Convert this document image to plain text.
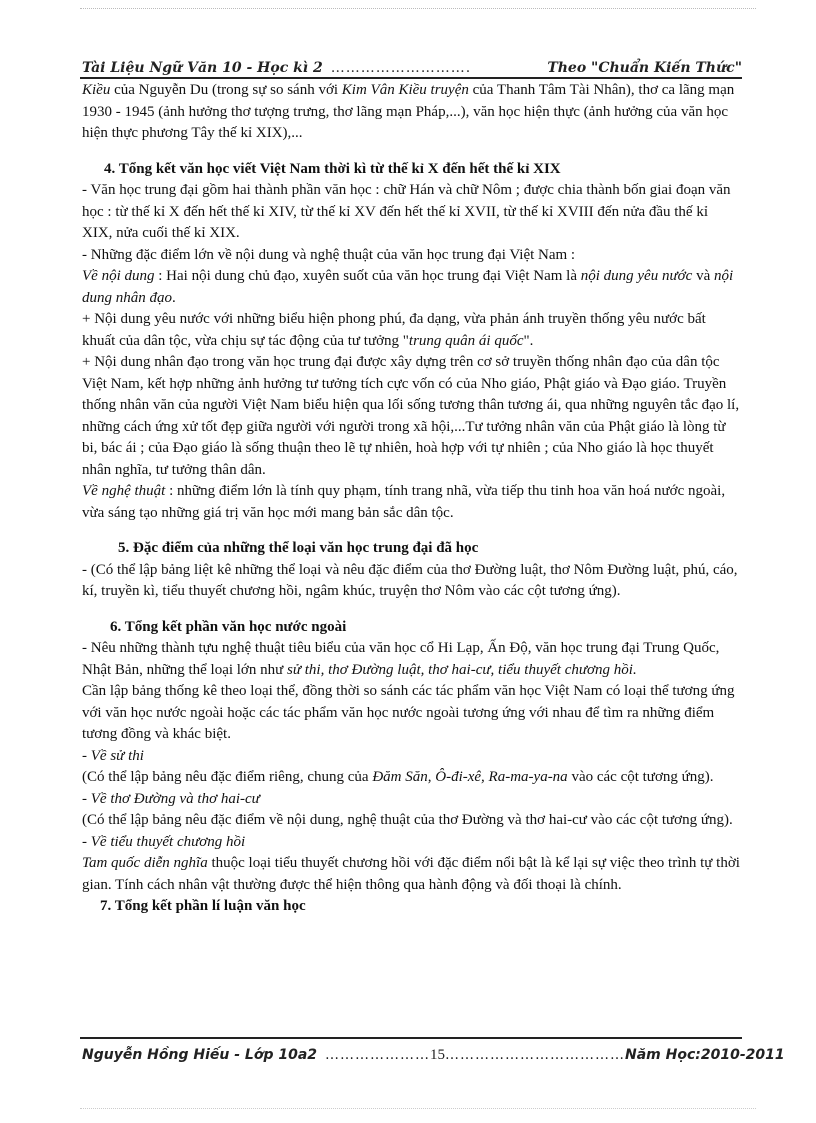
Tài Liệu Ngữ Văn 10 - Học kì 2 ……………………….	Theo "Chuẩn Kiến Thức"

Kiều của Nguyễn Du (trong sự so sánh với Kim Vân Kiều truyện của Thanh Tâm Tài Nhân), thơ ca lãng mạn 1930 - 1945 (ảnh hưởng thơ tượng trưng, thơ lãng mạn Pháp,...), văn học hiện thực (ảnh hưởng của văn học hiện thực phương Tây thế kỉ XIX),...

4. Tổng kết văn học viết Việt Nam thời kì từ thế kỉ X đến hết thế kỉ XIX

- Văn học trung đại gồm hai thành phần văn học : chữ Hán và chữ Nôm ; được chia thành bốn giai đoạn văn học : từ thế kỉ X đến hết thế kỉ XIV, từ thế kỉ XV đến hết thế kỉ XVII, từ thế kỉ XVIII đến nửa đầu thế kỉ XIX, nửa cuối thế kỉ XIX.

- Những đặc điểm lớn về nội dung và nghệ thuật của văn học trung đại Việt Nam :

Về nội dung : Hai nội dung chủ đạo, xuyên suốt của văn học trung đại Việt Nam là nội dung yêu nước và nội dung nhân đạo.

+ Nội dung yêu nước với những biểu hiện phong phú, đa dạng, vừa phản ánh truyền thống yêu nước bất khuất của dân tộc, vừa chịu sự tác động của tư tưởng "trung quân ái quốc".

+ Nội dung nhân đạo trong văn học trung đại được xây dựng trên cơ sở truyền thống nhân đạo của dân tộc Việt Nam, kết hợp những ảnh hưởng tư tưởng tích cực vốn có của Nho giáo, Phật giáo và Đạo giáo. Truyền thống nhân văn của người Việt Nam biểu hiện qua lối sống tương thân tương ái, qua những nguyên tắc đạo lí, những cách ứng xử tốt đẹp giữa người với người trong xã hội,...Tư tưởng nhân văn của Phật giáo là lòng từ bi, bác ái ; của Đạo giáo là sống thuận theo lẽ tự nhiên, hoà hợp với tự nhiên ; của Nho giáo là học thuyết nhân nghĩa, tư tưởng thân dân.

Về nghệ thuật : những điểm lớn là tính quy phạm, tính trang nhã, vừa tiếp thu tinh hoa văn hoá nước ngoài, vừa sáng tạo những giá trị văn học mới mang bản sắc dân tộc.

5. Đặc điểm của những thể loại văn học trung đại đã học

- (Có thể lập bảng liệt kê những thể loại và nêu đặc điểm của thơ Đường luật, thơ Nôm Đường luật, phú, cáo, kí, truyền kì, tiểu thuyết chương hồi, ngâm khúc, truyện thơ Nôm vào các cột tương ứng).

6. Tổng kết phần văn học nước ngoài

- Nêu những thành tựu nghệ thuật tiêu biểu của văn học cổ Hi Lạp, Ấn Độ, văn học trung đại Trung Quốc, Nhật Bản, những thể loại lớn như sử thi, thơ Đường luật, thơ hai-cư, tiểu thuyết chương hồi.

Cần lập bảng thống kê theo loại thể, đồng thời so sánh các tác phẩm văn học Việt Nam có loại thể tương ứng với văn học nước ngoài hoặc các tác phẩm văn học nước ngoài tương ứng với nhau để tìm ra những điểm tương đồng và khác biệt.

- Về sử thi

(Có thể lập bảng nêu đặc điểm riêng, chung của Đăm Săn, Ô-đi-xê, Ra-ma-ya-na vào các cột tương ứng).

- Về thơ Đường và thơ hai-cư

(Có thể lập bảng nêu đặc điểm về nội dung, nghệ thuật của thơ Đường và thơ hai-cư vào các cột tương ứng).

- Về tiểu thuyết chương hồi

Tam quốc diễn nghĩa thuộc loại tiểu thuyết chương hồi với đặc điểm nổi bật là kể lại sự việc theo trình tự thời gian. Tính cách nhân vật thường được thể hiện thông qua hành động và đối thoại là chính.

7. Tổng kết phần lí luận văn học

Nguyễn Hồng Hiếu - Lớp 10a2 ………………… 15 ……………………………… Năm Học:2010-2011
